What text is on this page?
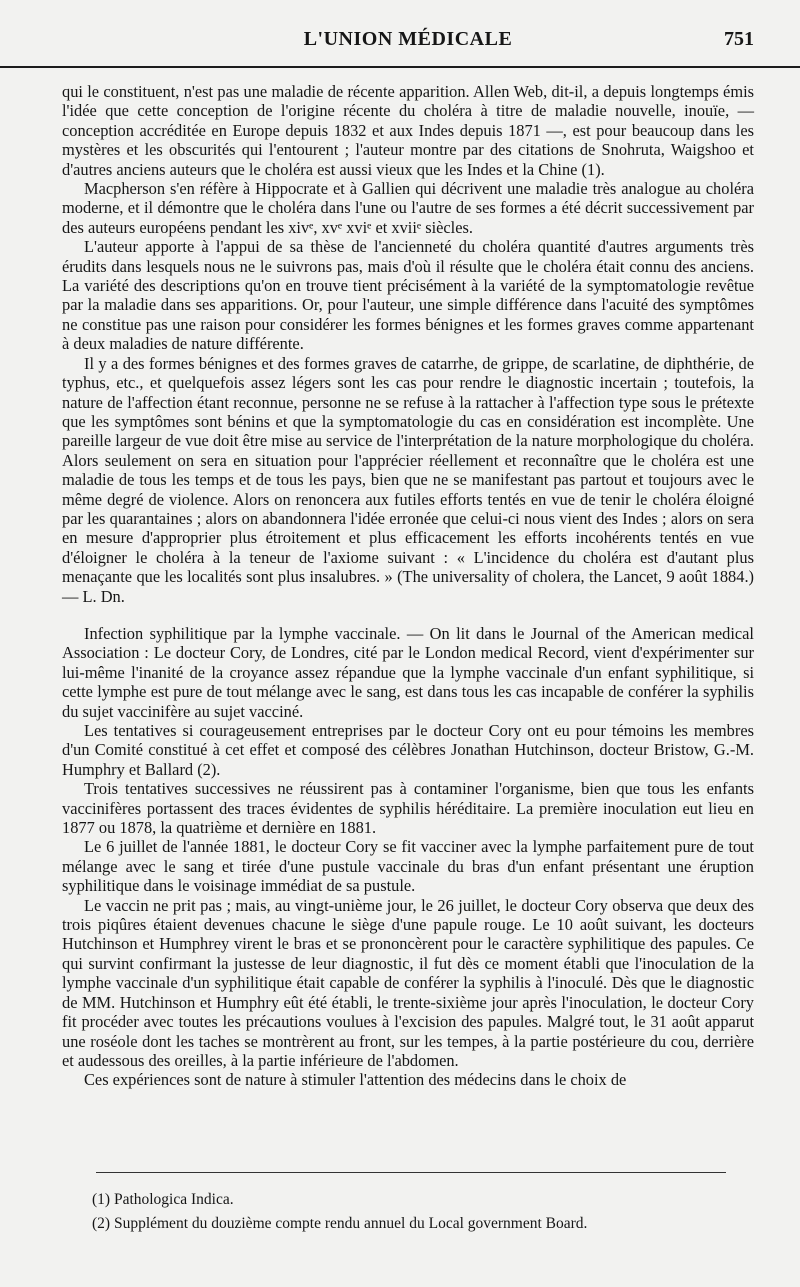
L'UNION MÉDICALE	751

qui le constituent, n'est pas une maladie de récente apparition. Allen Web, dit-il, a depuis longtemps émis l'idée que cette conception de l'origine récente du choléra à titre de maladie nouvelle, inouïe, — conception accréditée en Europe depuis 1832 et aux Indes depuis 1871 —, est pour beaucoup dans les mystères et les obscurités qui l'entourent ; l'auteur montre par des citations de Snohruta, Waigshoo et d'autres anciens auteurs que le choléra est aussi vieux que les Indes et la Chine (1).

Macpherson s'en réfère à Hippocrate et à Gallien qui décrivent une maladie très analogue au choléra moderne, et il démontre que le choléra dans l'une ou l'autre de ses formes a été décrit successivement par des auteurs européens pendant les xivᵉ, xvᵉ xviᵉ et xviiᵉ siècles.

L'auteur apporte à l'appui de sa thèse de l'ancienneté du choléra quantité d'autres arguments très érudits dans lesquels nous ne le suivrons pas, mais d'où il résulte que le choléra était connu des anciens. La variété des descriptions qu'on en trouve tient précisément à la variété de la symptomatologie revêtue par la maladie dans ses apparitions. Or, pour l'auteur, une simple différence dans l'acuité des symptômes ne constitue pas une raison pour considérer les formes bénignes et les formes graves comme appartenant à deux maladies de nature différente.

Il y a des formes bénignes et des formes graves de catarrhe, de grippe, de scarlatine, de diphthérie, de typhus, etc., et quelquefois assez légers sont les cas pour rendre le diagnostic incertain ; toutefois, la nature de l'affection étant reconnue, personne ne se refuse à la rattacher à l'affection type sous le prétexte que les symptômes sont bénins et que la symptomatologie du cas en considération est incomplète. Une pareille largeur de vue doit être mise au service de l'interprétation de la nature morphologique du choléra. Alors seulement on sera en situation pour l'apprécier réellement et reconnaître que le choléra est une maladie de tous les temps et de tous les pays, bien que ne se manifestant pas partout et toujours avec le même degré de violence. Alors on renoncera aux futiles efforts tentés en vue de tenir le choléra éloigné par les quarantaines ; alors on abandonnera l'idée erronée que celui-ci nous vient des Indes ; alors on sera en mesure d'approprier plus étroitement et plus efficacement les efforts incohérents tentés en vue d'éloigner le choléra à la teneur de l'axiome suivant : « L'incidence du choléra est d'autant plus menaçante que les localités sont plus insalubres. » (The universality of cholera, the Lancet, 9 août 1884.) — L. Dn.

Infection syphilitique par la lymphe vaccinale. — On lit dans le Journal of the American medical Association : Le docteur Cory, de Londres, cité par le London medical Record, vient d'expérimenter sur lui-même l'inanité de la croyance assez répandue que la lymphe vaccinale d'un enfant syphilitique, si cette lymphe est pure de tout mélange avec le sang, est dans tous les cas incapable de conférer la syphilis du sujet vaccinifère au sujet vacciné.

Les tentatives si courageusement entreprises par le docteur Cory ont eu pour témoins les membres d'un Comité constitué à cet effet et composé des célèbres Jonathan Hutchinson, docteur Bristow, G.-M. Humphry et Ballard (2).

Trois tentatives successives ne réussirent pas à contaminer l'organisme, bien que tous les enfants vaccinifères portassent des traces évidentes de syphilis héréditaire. La première inoculation eut lieu en 1877 ou 1878, la quatrième et dernière en 1881.

Le 6 juillet de l'année 1881, le docteur Cory se fit vacciner avec la lymphe parfaitement pure de tout mélange avec le sang et tirée d'une pustule vaccinale du bras d'un enfant présentant une éruption syphilitique dans le voisinage immédiat de sa pustule.

Le vaccin ne prit pas ; mais, au vingt-unième jour, le 26 juillet, le docteur Cory observa que deux des trois piqûres étaient devenues chacune le siège d'une papule rouge. Le 10 août suivant, les docteurs Hutchinson et Humphrey virent le bras et se prononcèrent pour le caractère syphilitique des papules. Ce qui survint confirmant la justesse de leur diagnostic, il fut dès ce moment établi que l'inoculation de la lymphe vaccinale d'un syphilitique était capable de conférer la syphilis à l'inoculé. Dès que le diagnostic de MM. Hutchinson et Humphry eût été établi, le trente-sixième jour après l'inoculation, le docteur Cory fit procéder avec toutes les précautions voulues à l'excision des papules. Malgré tout, le 31 août apparut une roséole dont les taches se montrèrent au front, sur les tempes, à la partie postérieure du cou, derrière et audessous des oreilles, à la partie inférieure de l'abdomen.

Ces expériences sont de nature à stimuler l'attention des médecins dans le choix de

(1) Pathologica Indica.
(2) Supplément du douzième compte rendu annuel du Local government Board.
